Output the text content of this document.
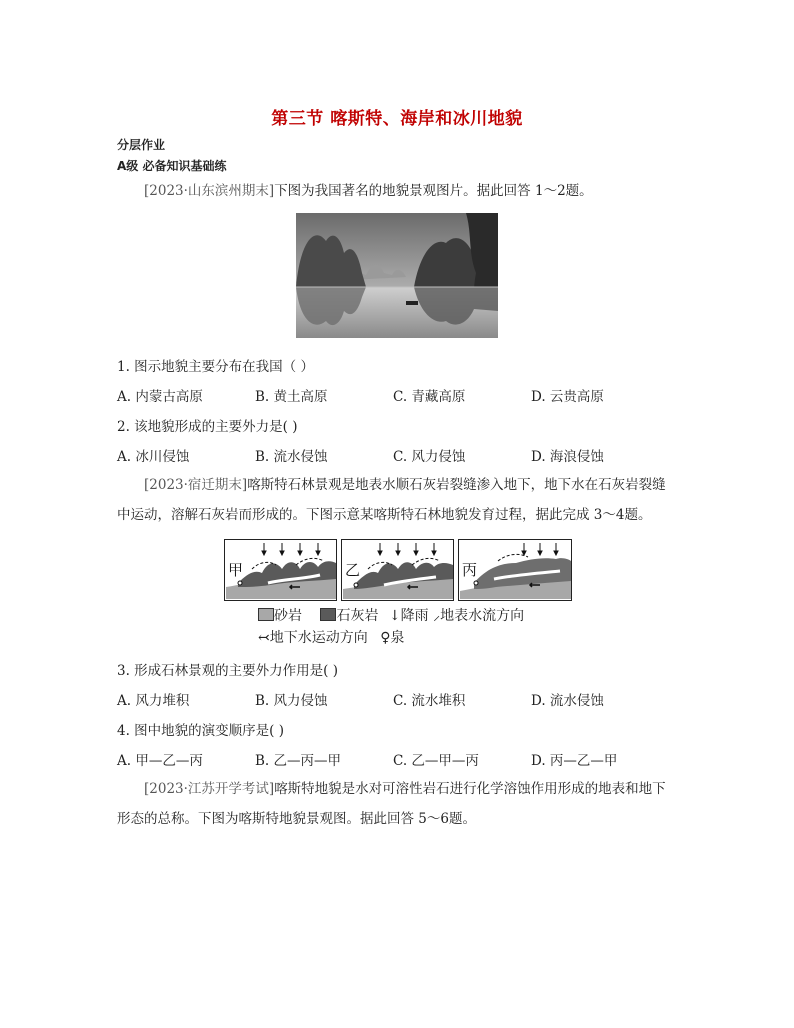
第三节 喀斯特、海岸和冰川地貌
分层作业
A级 必备知识基础练
[2023·山东滨州期末]下图为我国著名的地貌景观图片。据此回答 1～2题。
1. 图示地貌主要分布在我国（ ）
A. 内蒙古高原	B. 黄土高原	C. 青藏高原	D. 云贵高原
2. 该地貌形成的主要外力是( )
A. 冰川侵蚀	B. 流水侵蚀	C. 风力侵蚀	D. 海浪侵蚀
[2023·宿迁期末]喀斯特石林景观是地表水顺石灰岩裂缝渗入地下，地下水在石灰岩裂缝
中运动，溶解石灰岩而形成的。下图示意某喀斯特石林地貌发育过程，据此完成 3～4题。
甲	乙	丙
砂岩 石灰岩 ↓降雨 ⸝地表水流方向
↢地下水运动方向 ♀泉
3. 形成石林景观的主要外力作用是( )
A. 风力堆积	B. 风力侵蚀	C. 流水堆积	D. 流水侵蚀
4. 图中地貌的演变顺序是( )
A. 甲—乙—丙	B. 乙—丙—甲	C. 乙—甲—丙	D. 丙—乙—甲
[2023·江苏开学考试]喀斯特地貌是水对可溶性岩石进行化学溶蚀作用形成的地表和地下
形态的总称。下图为喀斯特地貌景观图。据此回答 5～6题。
